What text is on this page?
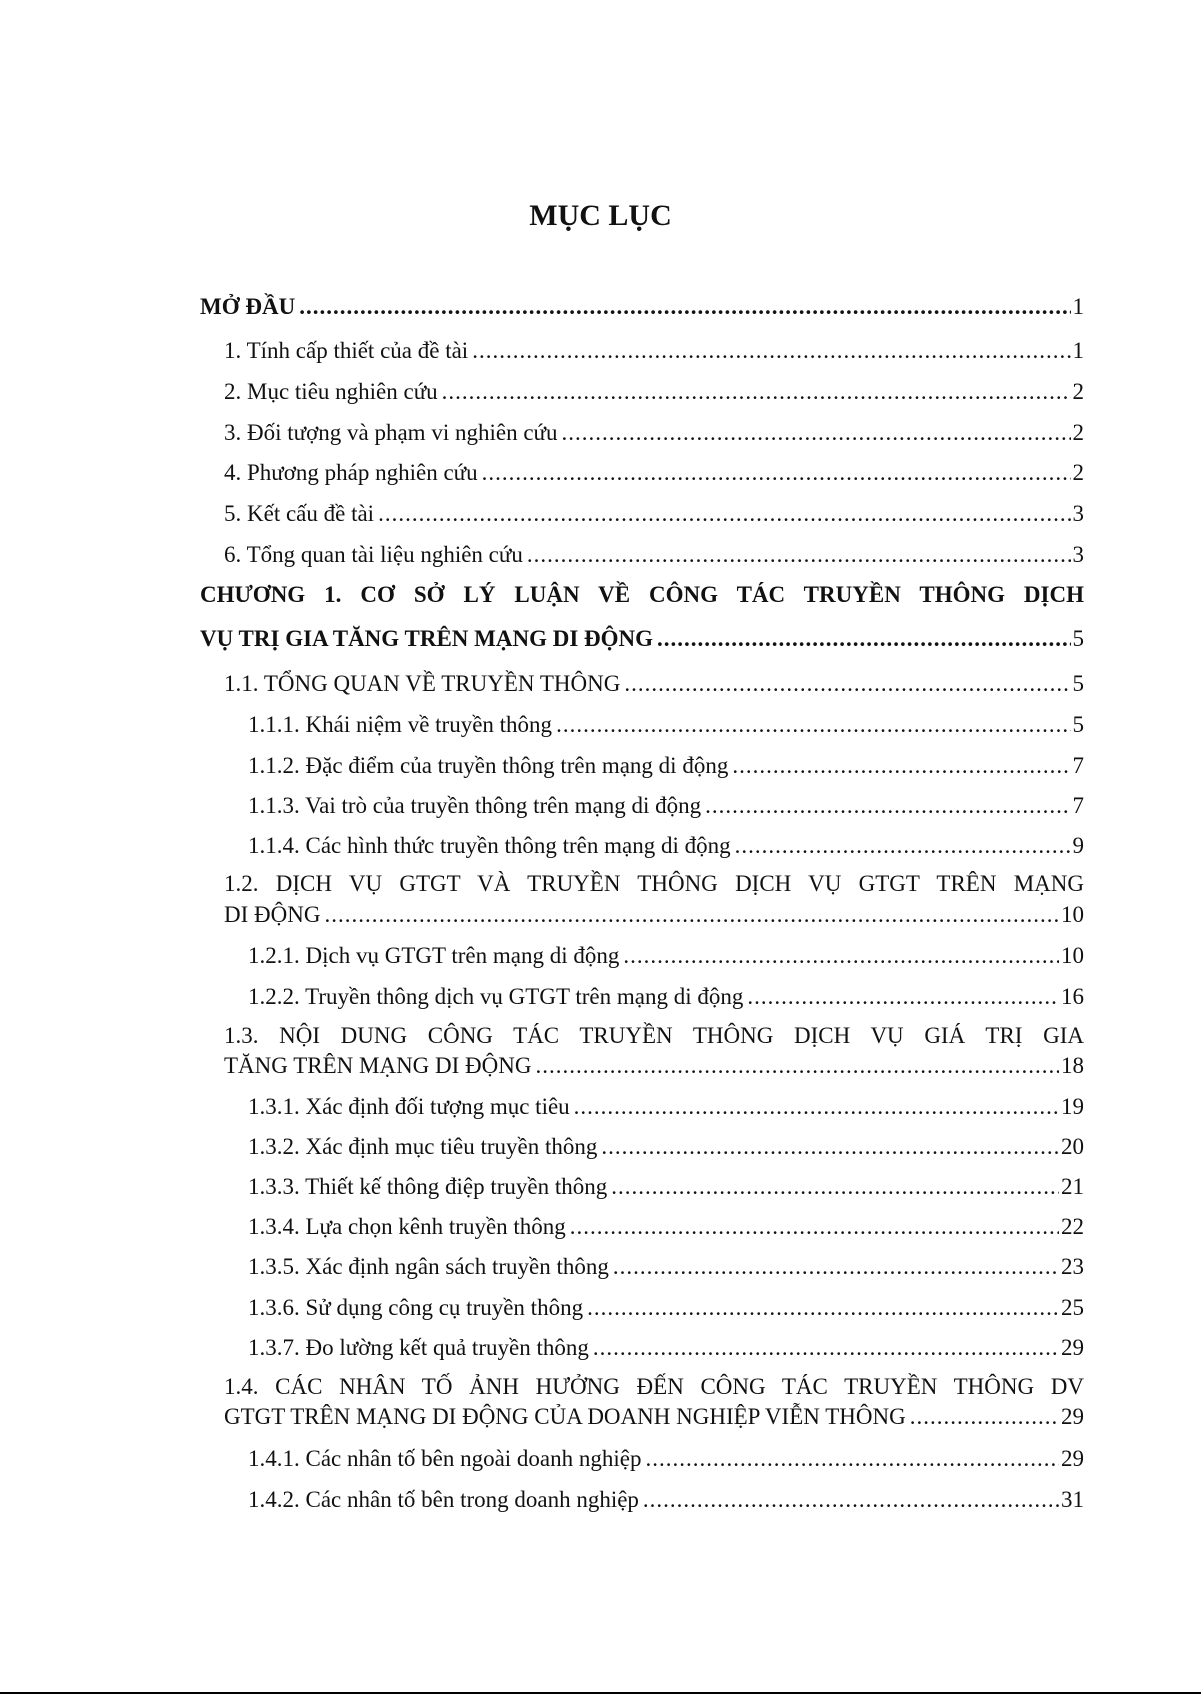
MỤC LỤC
MỞ ĐẦU .....	1
1. Tính cấp thiết của đề tài .....	1
2. Mục tiêu nghiên cứu .....	2
3. Đối tượng và phạm vi nghiên cứu .....	2
4. Phương pháp nghiên cứu .....	2
5. Kết cấu đề tài .....	3
6. Tổng quan tài liệu nghiên cứu .....	3
CHƯƠNG 1. CƠ SỞ LÝ LUẬN VỀ CÔNG TÁC TRUYỀN THÔNG DỊCH
VỤ TRỊ GIA TĂNG TRÊN MẠNG DI ĐỘNG .....	5
1.1. TỔNG QUAN VỀ TRUYỀN THÔNG .....	5
1.1.1. Khái niệm về truyền thông .....	5
1.1.2. Đặc điểm của truyền thông trên mạng di động .....	7
1.1.3. Vai trò của truyền thông trên mạng di động .....	7
1.1.4. Các hình thức truyền thông trên mạng di động .....	9
1.2. DỊCH VỤ GTGT VÀ TRUYỀN THÔNG DỊCH VỤ GTGT TRÊN MẠNG
DI ĐỘNG .....	10
1.2.1. Dịch vụ GTGT trên mạng di động .....	10
1.2.2. Truyền thông dịch vụ GTGT trên mạng di động .....	16
1.3. NỘI DUNG CÔNG TÁC TRUYỀN THÔNG DỊCH VỤ GIÁ TRỊ GIA
TĂNG TRÊN MẠNG DI ĐỘNG .....	18
1.3.1. Xác định đối tượng mục tiêu .....	19
1.3.2. Xác định mục tiêu truyền thông .....	20
1.3.3. Thiết kế thông điệp truyền thông .....	21
1.3.4. Lựa chọn kênh truyền thông .....	22
1.3.5. Xác định ngân sách truyền thông .....	23
1.3.6. Sử dụng công cụ truyền thông .....	25
1.3.7. Đo lường kết quả truyền thông .....	29
1.4. CÁC NHÂN TỐ ẢNH HƯỞNG ĐẾN CÔNG TÁC TRUYỀN THÔNG DV
GTGT TRÊN MẠNG DI ĐỘNG CỦA DOANH NGHIỆP VIỄN THÔNG .....	29
1.4.1. Các nhân tố bên ngoài doanh nghiệp .....	29
1.4.2. Các nhân tố bên trong doanh nghiệp .....	31
